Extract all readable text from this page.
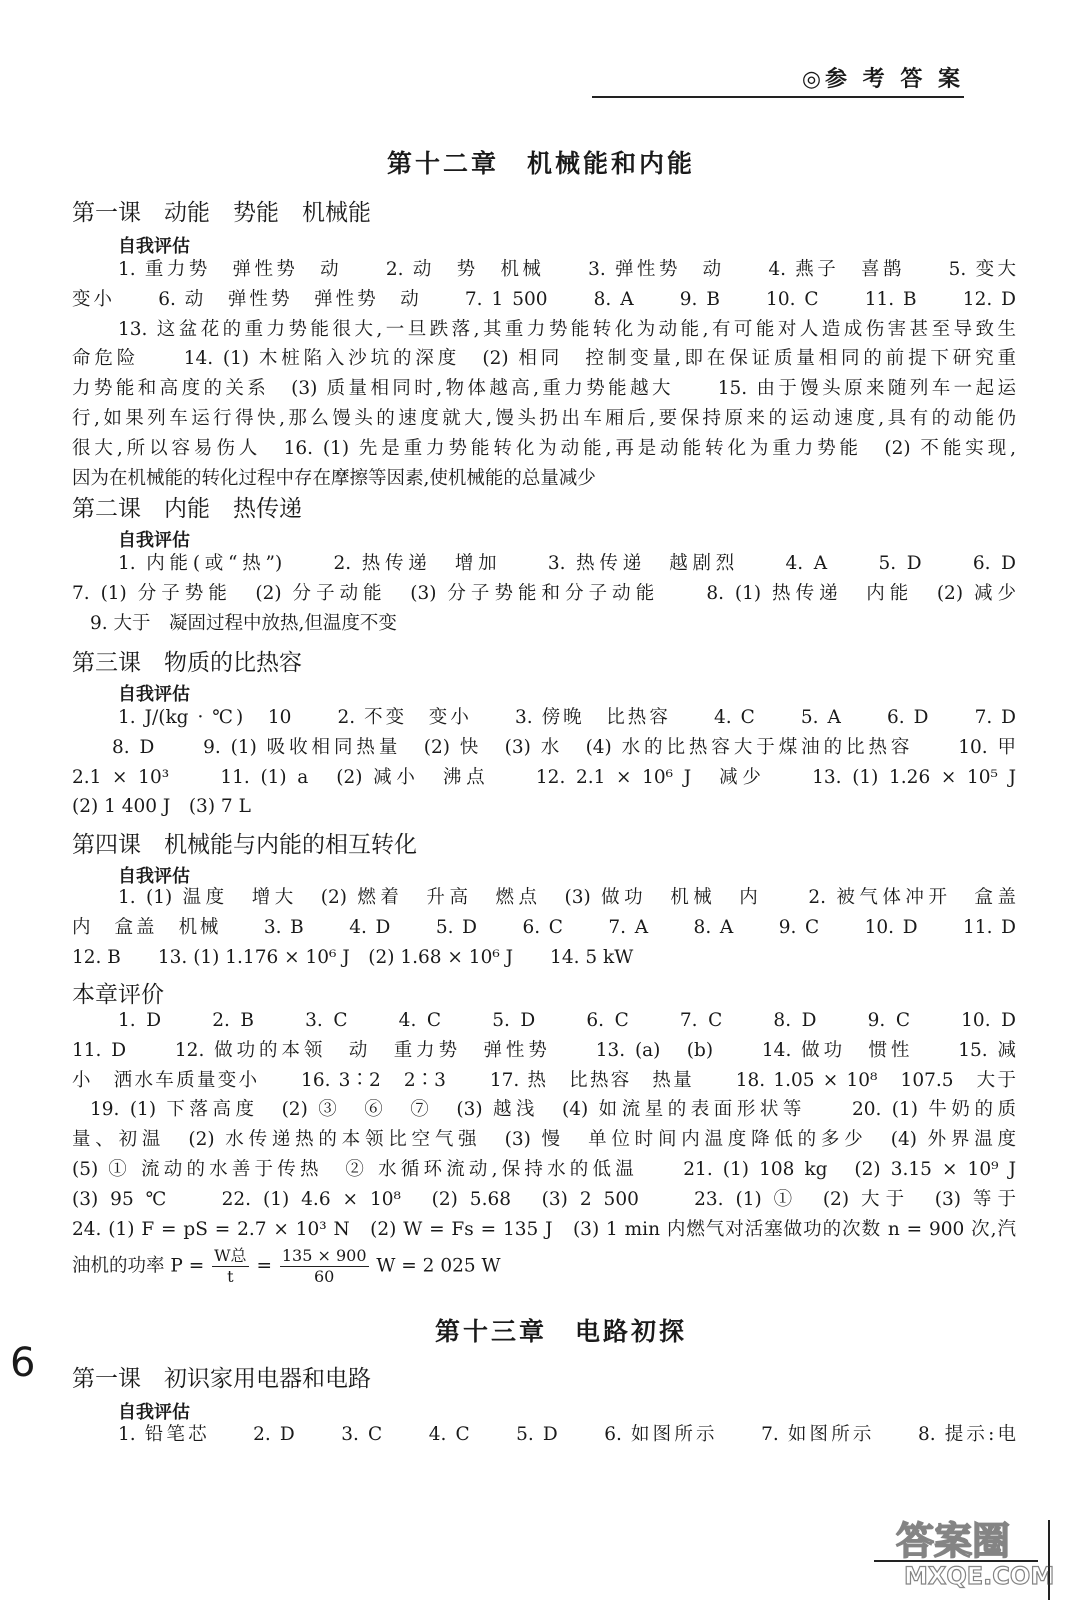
◎参 考 答 案
第十二章　机械能和内能
第一课　动能　势能　机械能
自我评估

1. 重力势　弹性势　动　　2. 动　势　机械　　3. 弹性势　动　　4. 燕子　喜鹊　　5. 变大

变小　　6. 动　弹性势　弹性势　动　　7. 1 500　　8. A　　9. B　　10. C　　11. B　　12. D

13. 这盆花的重力势能很大,一旦跌落,其重力势能转化为动能,有可能对人造成伤害甚至导致生

命危险　　14. (1) 木桩陷入沙坑的深度　(2) 相同　控制变量,即在保证质量相同的前提下研究重

力势能和高度的关系　(3) 质量相同时,物体越高,重力势能越大　　15. 由于馒头原来随列车一起运

行,如果列车运行得快,那么馒头的速度就大,馒头扔出车厢后,要保持原来的运动速度,具有的动能仍

很大,所以容易伤人　16. (1) 先是重力势能转化为动能,再是动能转化为重力势能　(2) 不能实现,

因为在机械能的转化过程中存在摩擦等因素,使机械能的总量减少

第二课　内能　热传递
自我评估

1. 内能(或“热”)　　2. 热传递　增加　　3. 热传递　越剧烈　　4. A　　5. D　　6. D

7. (1) 分子势能　(2) 分子动能　(3) 分子势能和分子动能　　8. (1) 热传递　内能　(2) 减少

9. 大于　凝固过程中放热,但温度不变

第三课　物质的比热容
自我评估

1. J/(kg · ℃)　10　　2. 不变　变小　　3. 傍晚　比热容　　4. C　　5. A　　6. D　　7. D

8. D　　9. (1) 吸收相同热量　(2) 快　(3) 水　(4) 水的比热容大于煤油的比热容　　10. 甲

2.1 × 10³　　11. (1) a　(2) 减小　沸点　　12. 2.1 × 10⁶ J　减少　　13. (1) 1.26 × 10⁵ J

(2) 1 400 J　(3) 7 L

第四课　机械能与内能的相互转化
自我评估

1. (1) 温度　增大　(2) 燃着　升高　燃点　(3) 做功　机械　内　　2. 被气体冲开　盒盖

内　盒盖　机械　　3. B　　4. D　　5. D　　6. C　　7. A　　8. A　　9. C　　10. D　　11. D

12. B　　13. (1) 1.176 × 10⁶ J　(2) 1.68 × 10⁶ J　　14. 5 kW

本章评价

1. D　　2. B　　3. C　　4. C　　5. D　　6. C　　7. C　　8. D　　9. C　　10. D

11. D　　12. 做功的本领　动　重力势　弹性势　　13. (a)　(b)　　14. 做功　惯性　　15. 减

小　洒水车质量变小　　16. 3∶2　2∶3　　17. 热　比热容　热量　　18. 1.05 × 10⁸　107.5　大于

19. (1) 下落高度　(2) ③　⑥　⑦　(3) 越浅　(4) 如流星的表面形状等　　20. (1) 牛奶的质

量、初温　(2) 水传递热的本领比空气强　(3) 慢　单位时间内温度降低的多少　(4) 外界温度

(5) ① 流动的水善于传热　② 水循环流动,保持水的低温　　21. (1) 108 kg　(2) 3.15 × 10⁹ J

(3) 95 ℃　　22. (1) 4.6 × 10⁸　(2) 5.68　(3) 2 500　　23. (1) ①　(2) 大于　(3) 等于

24. (1) F = pS = 2.7 × 10³ N　(2) W = Fs = 135 J　(3) 1 min 内燃气对活塞做功的次数 n = 900 次,汽

油机的功率 $P = \frac{\text{W总}}{t} = \frac{135 \times 900}{60}$ W = 2 025 W
第十三章　电路初探
第一课　初识家用电器和电路
自我评估

1. 铅笔芯　　2. D　　3. C　　4. C　　5. D　　6. 如图所示　　7. 如图所示　　8. 提示:电

6
答案圈
MXQE.COM
